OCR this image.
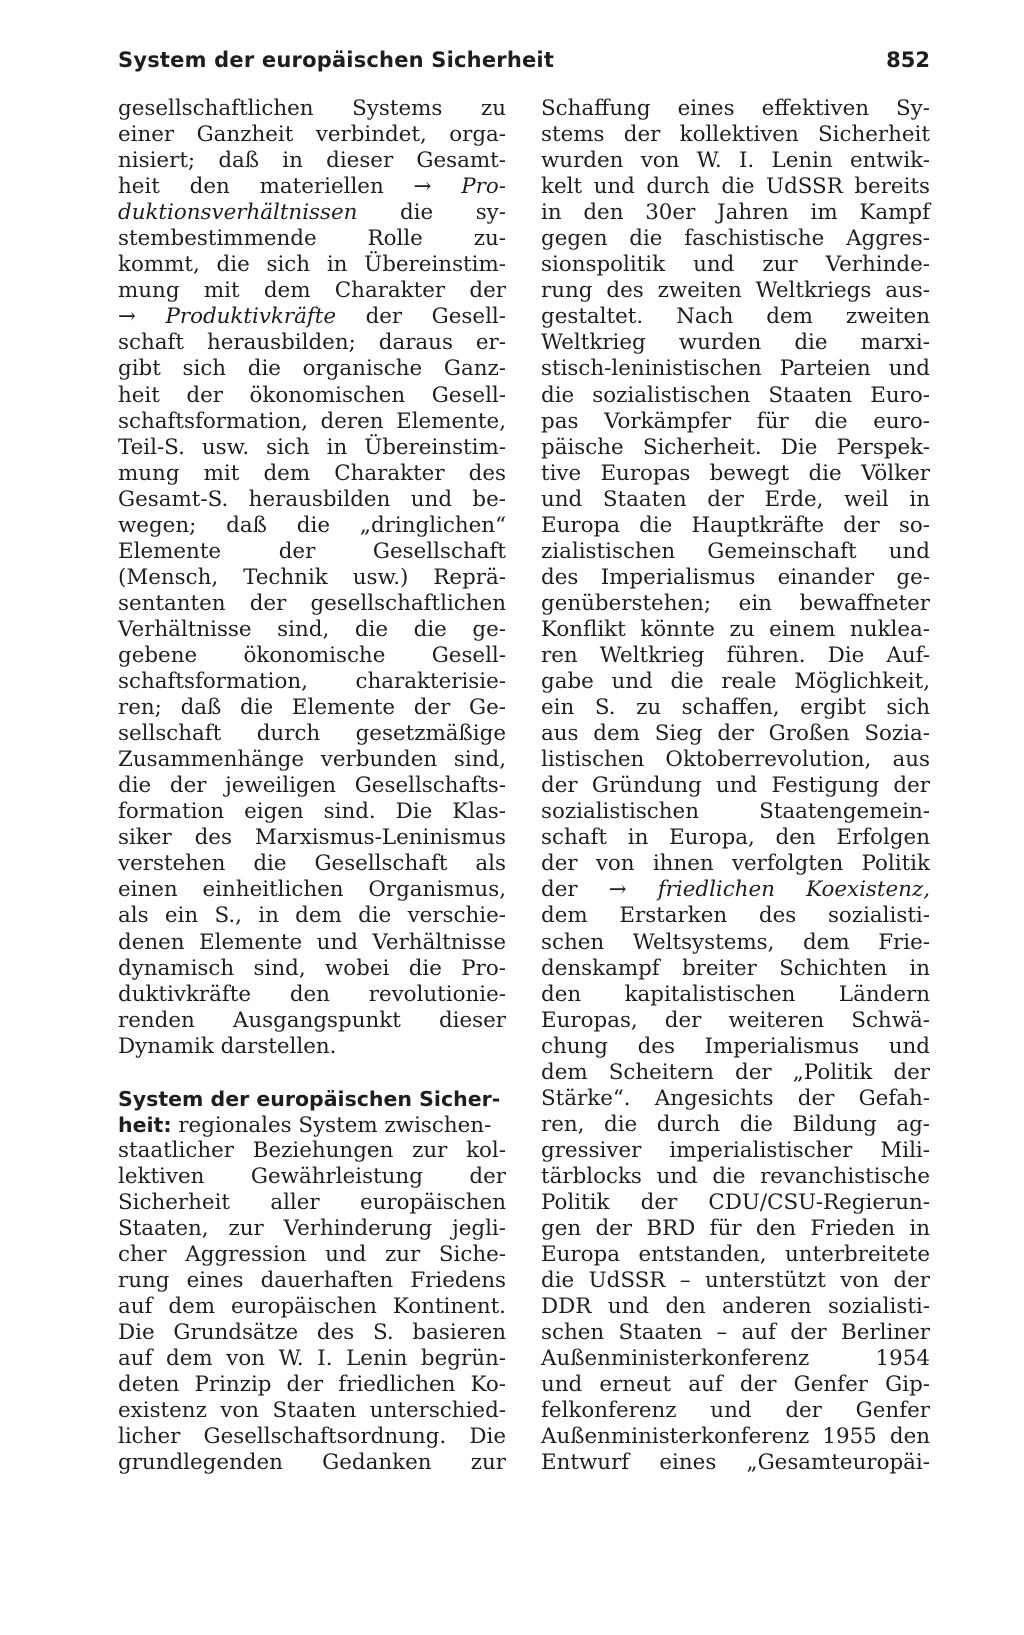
System der europäischen Sicherheit	852
gesellschaftlichen Systems zu
einer Ganzheit verbindet, orga-
nisiert; daß in dieser Gesamt-
heit den materiellen → Pro-
duktionsverhältnissen die sy-
stembestimmende Rolle zu-
kommt, die sich in Übereinstim-
mung mit dem Charakter der
→ Produktivkräfte der Gesell-
schaft herausbilden; daraus er-
gibt sich die organische Ganz-
heit der ökonomischen Gesell-
schaftsformation, deren Elemente,
Teil-S. usw. sich in Übereinstim-
mung mit dem Charakter des
Gesamt-S. herausbilden und be-
wegen; daß die „dringlichen“
Elemente der Gesellschaft
(Mensch, Technik usw.) Reprä-
sentanten der gesellschaftlichen
Verhältnisse sind, die die ge-
gebene ökonomische Gesell-
schaftsformation, charakterisie-
ren; daß die Elemente der Ge-
sellschaft durch gesetzmäßige
Zusammenhänge verbunden sind,
die der jeweiligen Gesellschafts-
formation eigen sind. Die Klas-
siker des Marxismus-Leninismus
verstehen die Gesellschaft als
einen einheitlichen Organismus,
als ein S., in dem die verschie-
denen Elemente und Verhältnisse
dynamisch sind, wobei die Pro-
duktivkräfte den revolutionie-
renden Ausgangspunkt dieser
Dynamik darstellen.
System der europäischen Sicher-
heit: regionales System zwischen-
staatlicher Beziehungen zur kol-
lektiven Gewährleistung der
Sicherheit aller europäischen
Staaten, zur Verhinderung jegli-
cher Aggression und zur Siche-
rung eines dauerhaften Friedens
auf dem europäischen Kontinent.
Die Grundsätze des S. basieren
auf dem von W. I. Lenin begrün-
deten Prinzip der friedlichen Ko-
existenz von Staaten unterschied-
licher Gesellschaftsordnung. Die
grundlegenden Gedanken zur
Schaffung eines effektiven Sy-
stems der kollektiven Sicherheit
wurden von W. I. Lenin entwik-
kelt und durch die UdSSR bereits
in den 30er Jahren im Kampf
gegen die faschistische Aggres-
sionspolitik und zur Verhinde-
rung des zweiten Weltkriegs aus-
gestaltet. Nach dem zweiten
Weltkrieg wurden die marxi-
stisch-leninistischen Parteien und
die sozialistischen Staaten Euro-
pas Vorkämpfer für die euro-
päische Sicherheit. Die Perspek-
tive Europas bewegt die Völker
und Staaten der Erde, weil in
Europa die Hauptkräfte der so-
zialistischen Gemeinschaft und
des Imperialismus einander ge-
genüberstehen; ein bewaffneter
Konflikt könnte zu einem nuklea-
ren Weltkrieg führen. Die Auf-
gabe und die reale Möglichkeit,
ein S. zu schaffen, ergibt sich
aus dem Sieg der Großen Sozia-
listischen Oktoberrevolution, aus
der Gründung und Festigung der
sozialistischen Staatengemein-
schaft in Europa, den Erfolgen
der von ihnen verfolgten Politik
der → friedlichen Koexistenz,
dem Erstarken des sozialisti-
schen Weltsystems, dem Frie-
denskampf breiter Schichten in
den kapitalistischen Ländern
Europas, der weiteren Schwä-
chung des Imperialismus und
dem Scheitern der „Politik der
Stärke“. Angesichts der Gefah-
ren, die durch die Bildung ag-
gressiver imperialistischer Mili-
tärblocks und die revanchistische
Politik der CDU/CSU-Regierun-
gen der BRD für den Frieden in
Europa entstanden, unterbreitete
die UdSSR – unterstützt von der
DDR und den anderen sozialisti-
schen Staaten – auf der Berliner
Außenministerkonferenz 1954
und erneut auf der Genfer Gip-
felkonferenz und der Genfer
Außenministerkonferenz 1955 den
Entwurf eines „Gesamteuropäi-
